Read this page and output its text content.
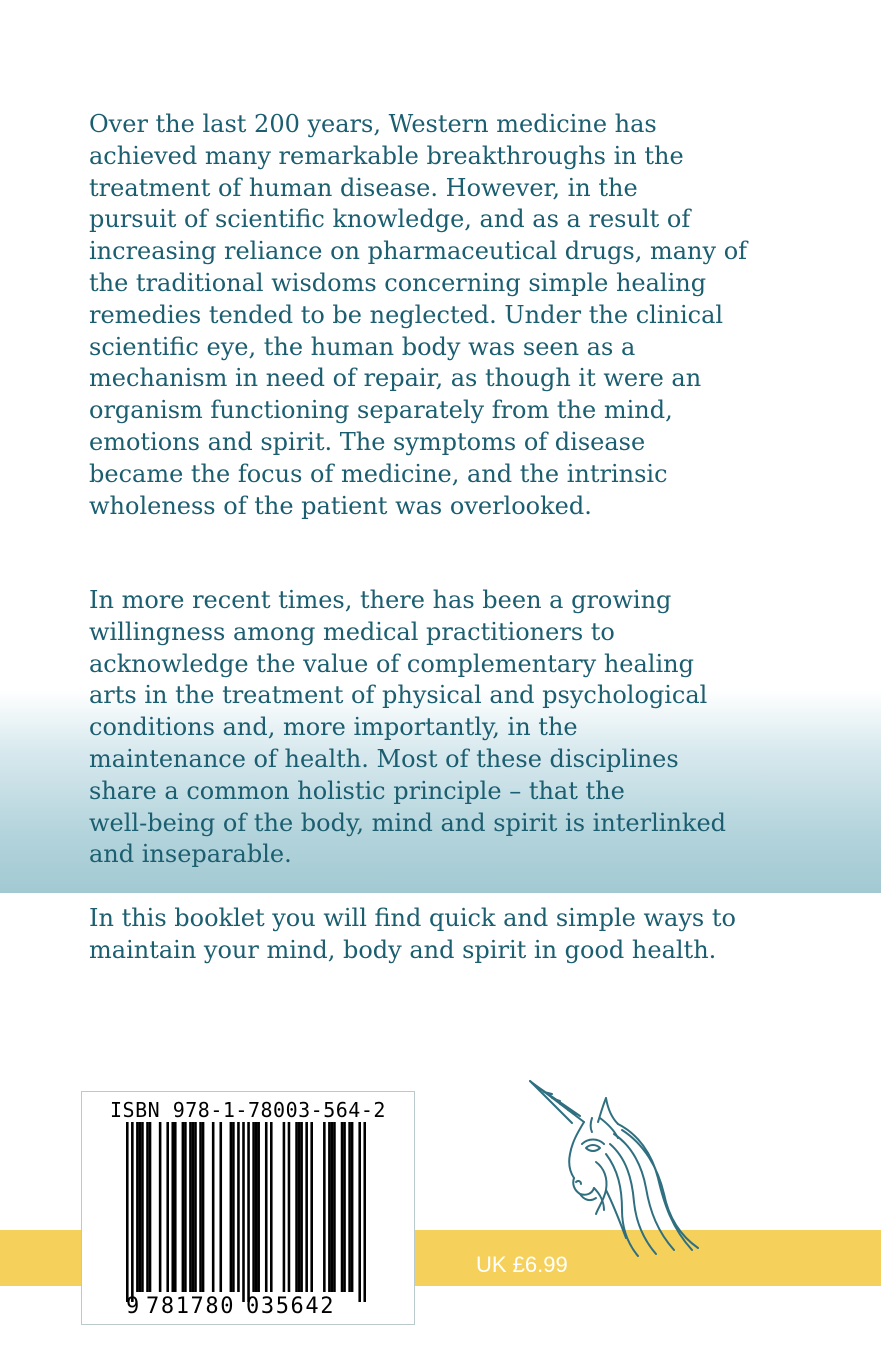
Over the last 200 years, Western medicine has
achieved many remarkable breakthroughs in the
treatment of human disease. However, in the
pursuit of scientific knowledge, and as a result of
increasing reliance on pharmaceutical drugs, many of
the traditional wisdoms concerning simple healing
remedies tended to be neglected. Under the clinical
scientific eye, the human body was seen as a
mechanism in need of repair, as though it were an
organism functioning separately from the mind,
emotions and spirit. The symptoms of disease
became the focus of medicine, and the intrinsic
wholeness of the patient was overlooked.

In more recent times, there has been a growing
willingness among medical practitioners to
acknowledge the value of complementary healing
arts in the treatment of physical and psychological
conditions and, more importantly, in the
maintenance of health. Most of these disciplines
share a common holistic principle – that the
well-being of the body, mind and spirit is interlinked
and inseparable.

In this booklet you will find quick and simple ways to
maintain your mind, body and spirit in good health.

UK £6.99
ISBN 978-1-78003-564-2
9 781780 035642
